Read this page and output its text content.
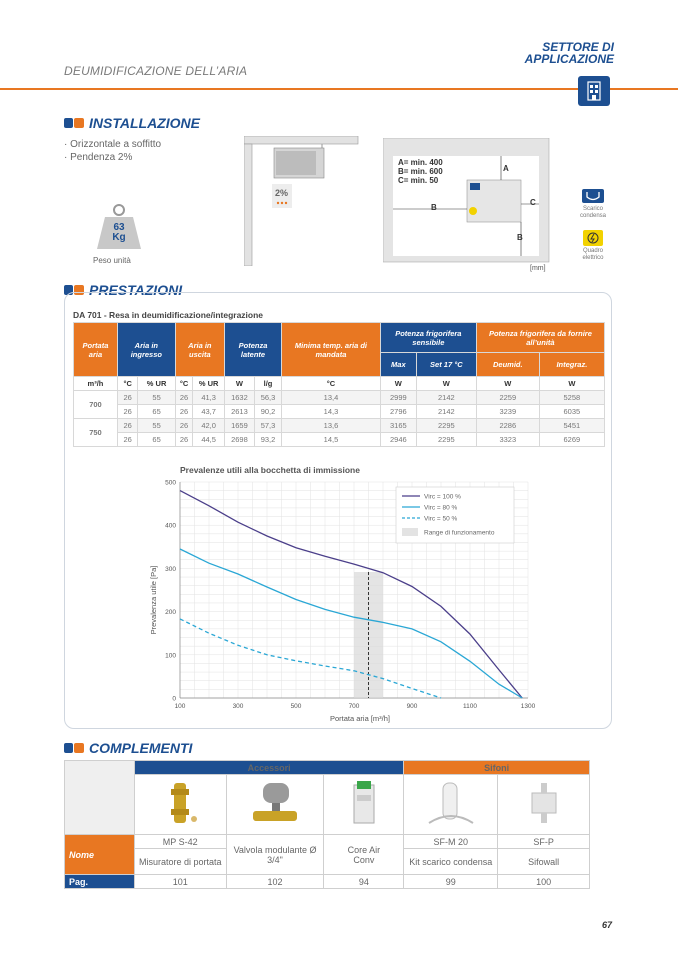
SETTORE DI
APPLICAZIONE
DEUMIDIFICAZIONE DELL’ARIA
INSTALLAZIONE
· Orizzontale a soffitto
· Pendenza 2%
63
Kg
Peso unità
2%
A= min. 400
B= min. 600
C= min. 50
A
B
C
B
[mm]
Scarico
condensa
Quadro
elettrico
PRESTAZIONI
DA 701 - Resa in deumidificazione/integrazione
Portata aria	Aria in ingresso		Aria in uscita		Potenza latente		Minima temp. aria di mandata	Potenza frigorifera sensibile		Potenza frigorifera da fornire all’unità	
								Max	Set 17 °C	Deumid.	Integraz.
m³/h	°C	% UR	°C	% UR	W	l/g	°C	W	W	W	W
700	26	55	26	41,3	1632	56,3	13,4	2999	2142	2259	5258
	26	65	26	43,7	2613	90,2	14,3	2796	2142	3239	6035
750	26	55	26	42,0	1659	57,3	13,6	3165	2295	2286	5451
	26	65	26	44,5	2698	93,2	14,5	2946	2295	3323	6269
Prevalenze utili alla bocchetta di immissione
100	300	500	700	900	1100	1300
0
100
200
300
400
500
Portata aria [m³/h]
Prevalenza utile [Pa]
Virc = 100 %
Virc = 80 %
Virc = 50 %
Range di funzionamento
COMPLEMENTI
	Accessori			Sifoni	

Nome	MP S-42	Valvola modulante Ø 3/4"	Core Air Conv	SF-M 20	SF-P
	Misuratore di portata			Kit scarico condensa	Sifowall
Pag.	101	102	94	99	100
67
